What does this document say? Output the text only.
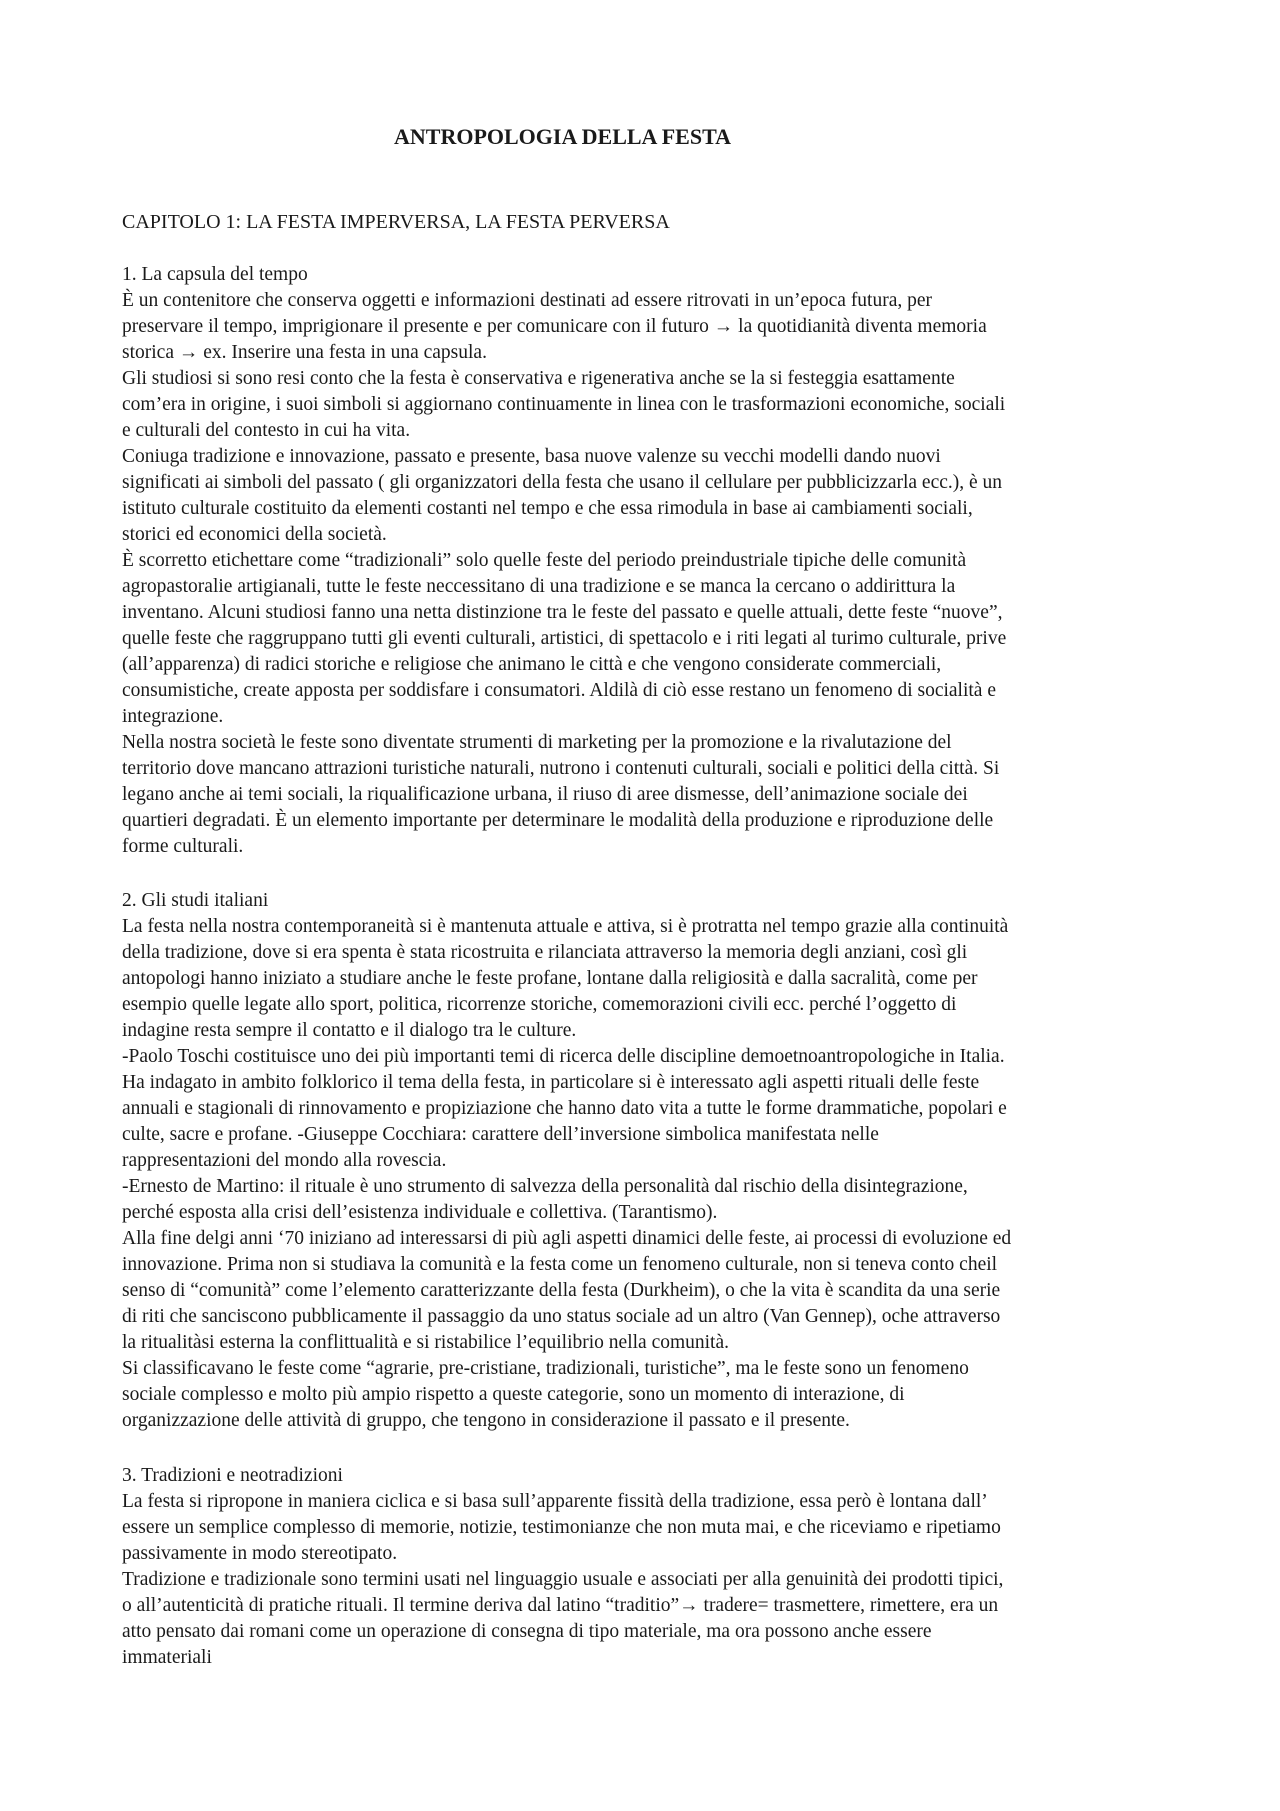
ANTROPOLOGIA DELLA FESTA

CAPITOLO 1: LA FESTA IMPERVERSA, LA FESTA PERVERSA

1. La capsula del tempo

È un contenitore che conserva oggetti e informazioni destinati ad essere ritrovati in un’epoca futura, per
preservare il tempo, imprigionare il presente e per comunicare con il futuro → la quotidianità diventa memoria
storica → ex. Inserire una festa in una capsula.

Gli studiosi si sono resi conto che la festa è conservativa e rigenerativa anche se la si festeggia esattamente
com’era in origine, i suoi simboli si aggiornano continuamente in linea con le trasformazioni economiche, sociali
e culturali del contesto in cui ha vita.

Coniuga tradizione e innovazione, passato e presente, basa nuove valenze su vecchi modelli dando nuovi
significati ai simboli del passato ( gli organizzatori della festa che usano il cellulare per pubblicizzarla ecc.), è un
istituto culturale costituito da elementi costanti nel tempo e che essa rimodula in base ai cambiamenti sociali,
storici ed economici della società.

È scorretto etichettare come “tradizionali” solo quelle feste del periodo preindustriale tipiche delle comunità
agropastoralie artigianali, tutte le feste neccessitano di una tradizione e se manca la cercano o addirittura la
inventano. Alcuni studiosi fanno una netta distinzione tra le feste del passato e quelle attuali, dette feste “nuove”,
quelle feste che raggruppano tutti gli eventi culturali, artistici, di spettacolo e i riti legati al turimo culturale, prive
(all’apparenza) di radici storiche e religiose che animano le città e che vengono considerate commerciali,
consumistiche, create apposta per soddisfare i consumatori. Aldilà di ciò esse restano un fenomeno di socialità e
integrazione.

Nella nostra società le feste sono diventate strumenti di marketing per la promozione e la rivalutazione del
territorio dove mancano attrazioni turistiche naturali, nutrono i contenuti culturali, sociali e politici della città. Si
legano anche ai temi sociali, la riqualificazione urbana, il riuso di aree dismesse, dell’animazione sociale dei
quartieri degradati. È un elemento importante per determinare le modalità della produzione e riproduzione delle
forme culturali.

2. Gli studi italiani

La festa nella nostra contemporaneità si è mantenuta attuale e attiva, si è protratta nel tempo grazie alla continuità
della tradizione, dove si era spenta è stata ricostruita e rilanciata attraverso la memoria degli anziani, così gli
antopologi hanno iniziato a studiare anche le feste profane, lontane dalla religiosità e dalla sacralità, come per
esempio quelle legate allo sport, politica, ricorrenze storiche, comemorazioni civili ecc. perché l’oggetto di
indagine resta sempre il contatto e il dialogo tra le culture.

-Paolo Toschi costituisce uno dei più importanti temi di ricerca delle discipline demoetnoantropologiche in Italia.
Ha indagato in ambito folklorico il tema della festa, in particolare si è interessato agli aspetti rituali delle feste
annuali e stagionali di rinnovamento e propiziazione che hanno dato vita a tutte le forme drammatiche, popolari e
culte, sacre e profane. -Giuseppe Cocchiara: carattere dell’inversione simbolica manifestata nelle
rappresentazioni del mondo alla rovescia.

-Ernesto de Martino: il rituale è uno strumento di salvezza della personalità dal rischio della disintegrazione,
perché esposta alla crisi dell’esistenza individuale e collettiva. (Tarantismo).

Alla fine delgi anni ‘70 iniziano ad interessarsi di più agli aspetti dinamici delle feste, ai processi di evoluzione ed
innovazione. Prima non si studiava la comunità e la festa come un fenomeno culturale, non si teneva conto cheil
senso di “comunità” come l’elemento caratterizzante della festa (Durkheim), o che la vita è scandita da una serie
di riti che sanciscono pubblicamente il passaggio da uno status sociale ad un altro (Van Gennep), oche attraverso
la ritualitàsi esterna la conflittualità e si ristabilice l’equilibrio nella comunità.

Si classificavano le feste come “agrarie, pre-cristiane, tradizionali, turistiche”, ma le feste sono un fenomeno
sociale complesso e molto più ampio rispetto a queste categorie, sono un momento di interazione, di
organizzazione delle attività di gruppo, che tengono in considerazione il passato e il presente.

3. Tradizioni e neotradizioni

La festa si ripropone in maniera ciclica e si basa sull’apparente fissità della tradizione, essa però è lontana dall’
essere un semplice complesso di memorie, notizie, testimonianze che non muta mai, e che riceviamo e ripetiamo
passivamente in modo stereotipato.

Tradizione e tradizionale sono termini usati nel linguaggio usuale e associati per alla genuinità dei prodotti tipici,
o all’autenticità di pratiche rituali. Il termine deriva dal latino “traditio”→ tradere= trasmettere, rimettere, era un
atto pensato dai romani come un operazione di consegna di tipo materiale, ma ora possono anche essere
immateriali
